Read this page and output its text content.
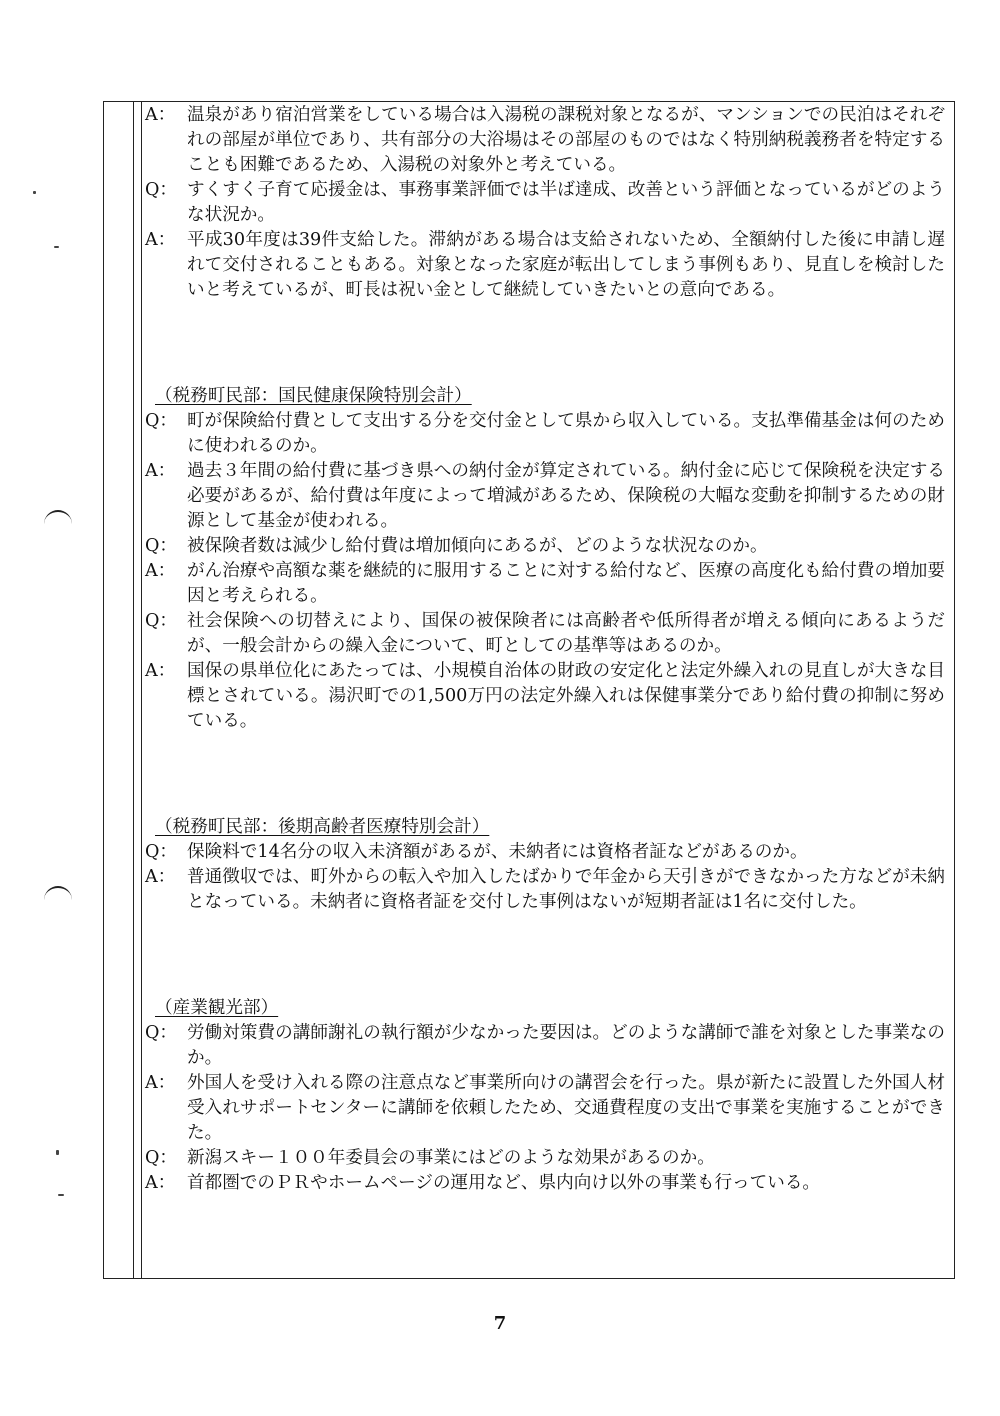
A： 温泉があり宿泊営業をしている場合は入湯税の課税対象となるが、マンションでの民泊はそれぞれの部屋が単位であり、共有部分の大浴場はその部屋のものではなく特別納税義務者を特定することも困難であるため、入湯税の対象外と考えている。
Q： すくすく子育て応援金は、事務事業評価では半ば達成、改善という評価となっているがどのような状況か。
A： 平成30年度は39件支給した。滞納がある場合は支給されないため、全額納付した後に申請し遅れて交付されることもある。対象となった家庭が転出してしまう事例もあり、見直しを検討したいと考えているが、町長は祝い金として継続していきたいとの意向である。
（税務町民部：国民健康保険特別会計）
Q： 町が保険給付費として支出する分を交付金として県から収入している。支払準備基金は何のために使われるのか。
A： 過去３年間の給付費に基づき県への納付金が算定されている。納付金に応じて保険税を決定する必要があるが、給付費は年度によって増減があるため、保険税の大幅な変動を抑制するための財源として基金が使われる。
Q： 被保険者数は減少し給付費は増加傾向にあるが、どのような状況なのか。
A： がん治療や高額な薬を継続的に服用することに対する給付など、医療の高度化も給付費の増加要因と考えられる。
Q： 社会保険への切替えにより、国保の被保険者には高齢者や低所得者が増える傾向にあるようだが、一般会計からの繰入金について、町としての基準等はあるのか。
A： 国保の県単位化にあたっては、小規模自治体の財政の安定化と法定外繰入れの見直しが大きな目標とされている。湯沢町での1,500万円の法定外繰入れは保健事業分であり給付費の抑制に努めている。
（税務町民部：後期高齢者医療特別会計）
Q： 保険料で14名分の収入未済額があるが、未納者には資格者証などがあるのか。
A： 普通徴収では、町外からの転入や加入したばかりで年金から天引きができなかった方などが未納となっている。未納者に資格者証を交付した事例はないが短期者証は1名に交付した。
（産業観光部）
Q： 労働対策費の講師謝礼の執行額が少なかった要因は。どのような講師で誰を対象とした事業なのか。
A： 外国人を受け入れる際の注意点など事業所向けの講習会を行った。県が新たに設置した外国人材受入れサポートセンターに講師を依頼したため、交通費程度の支出で事業を実施することができた。
Q： 新潟スキー１００年委員会の事業にはどのような効果があるのか。
A： 首都圏でのＰＲやホームページの運用など、県内向け以外の事業も行っている。
7
